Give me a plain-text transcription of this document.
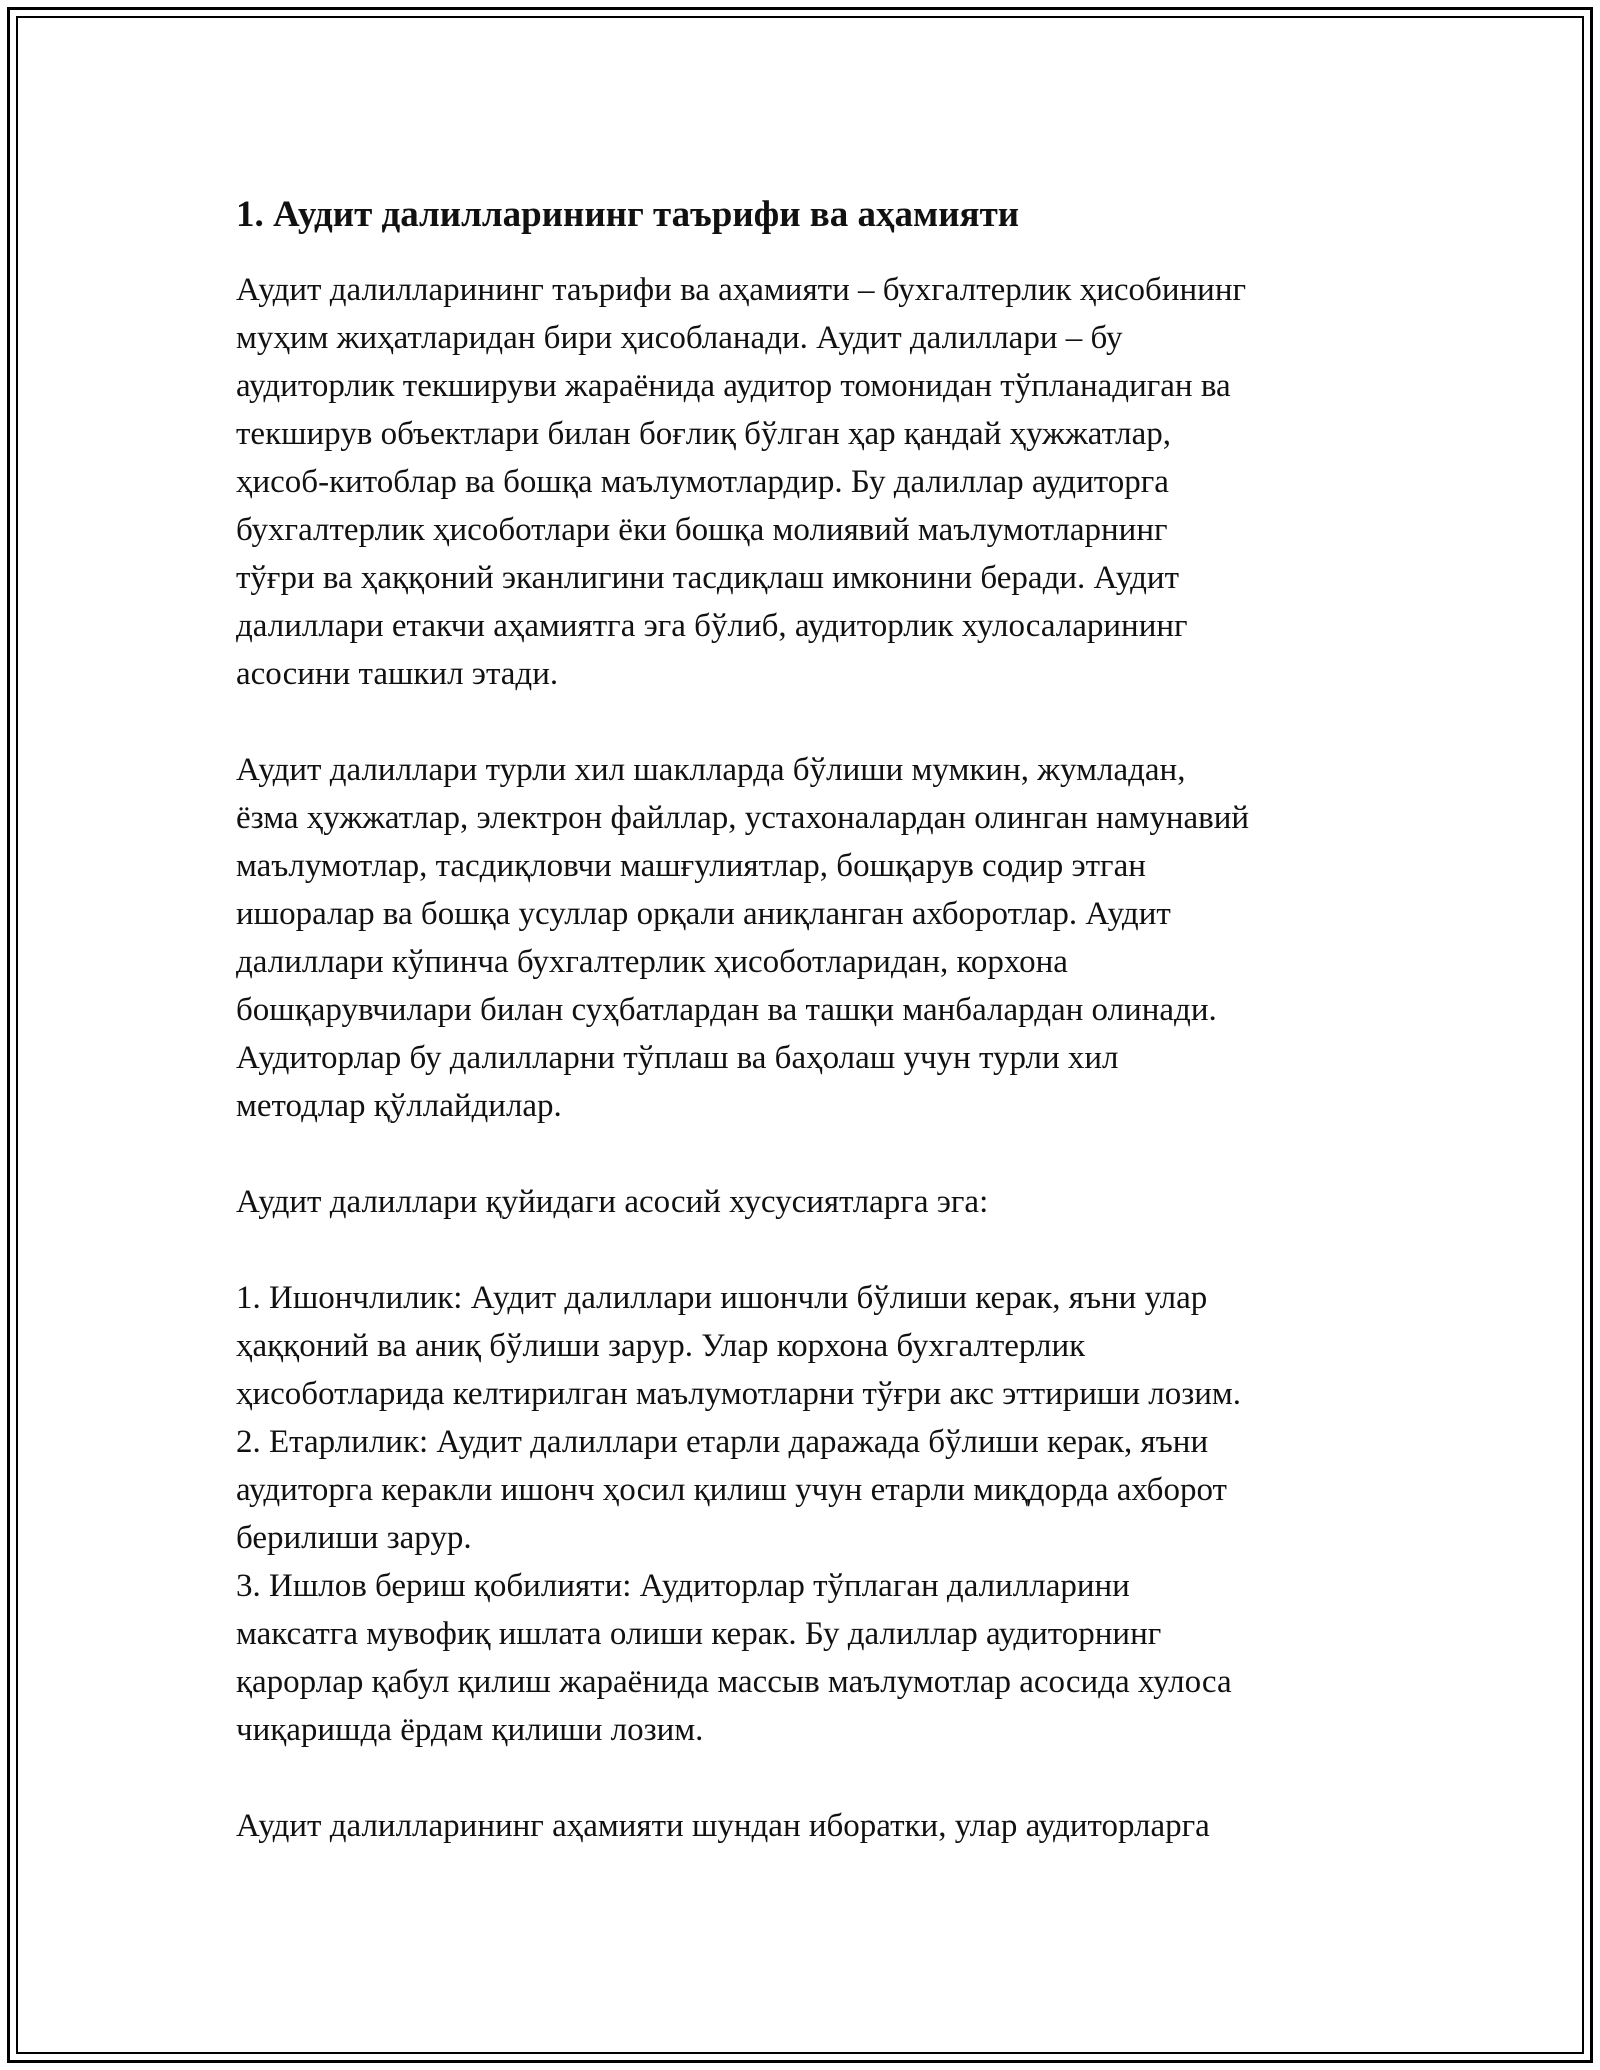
1. Аудит далилларининг таърифи ва аҳамияти

Аудит далилларининг таърифи ва аҳамияти – бухгалтерлик ҳисобининг
муҳим жиҳатларидан бири ҳисобланади. Аудит далиллари – бу
аудиторлик текшируви жараёнида аудитор томонидан тўпланадиган ва
текширув объектлари билан боғлиқ бўлган ҳар қандай ҳужжатлар,
ҳисоб-китоблар ва бошқа маълумотлардир. Бу далиллар аудиторга
бухгалтерлик ҳисоботлари ёки бошқа молиявий маълумотларнинг
тўғри ва ҳаққоний эканлигини тасдиқлаш имконини беради. Аудит
далиллари етакчи аҳамиятга эга бўлиб, аудиторлик хулосаларининг
асосини ташкил этади.

Аудит далиллари турли хил шаклларда бўлиши мумкин, жумладан,
ёзма ҳужжатлар, электрон файллар, устахоналардан олинган намунавий
маълумотлар, тасдиқловчи машғулиятлар, бошқарув содир этган
ишоралар ва бошқа усуллар орқали аниқланган ахборотлар. Аудит
далиллари кўпинча бухгалтерлик ҳисоботларидан, корхона
бошқарувчилари билан суҳбатлардан ва ташқи манбалардан олинади.
Аудиторлар бу далилларни тўплаш ва баҳолаш учун турли хил
методлар қўллайдилар.

Аудит далиллари қуйидаги асосий хусусиятларга эга:

1. Ишончлилик: Аудит далиллари ишончли бўлиши керак, яъни улар
ҳаққоний ва аниқ бўлиши зарур. Улар корхона бухгалтерлик
ҳисоботларида келтирилган маълумотларни тўғри акс эттириши лозим.
2. Етарлилик: Аудит далиллари етарли даражада бўлиши керак, яъни
аудиторга керакли ишонч ҳосил қилиш учун етарли миқдорда ахборот
берилиши зарур.
3. Ишлов бериш қобилияти: Аудиторлар тўплаган далилларини
максатга мувофиқ ишлата олиши керак. Бу далиллар аудиторнинг
қарорлар қабул қилиш жараёнида массыв маълумотлар асосида хулоса
чиқаришда ёрдам қилиши лозим.

Аудит далилларининг аҳамияти шундан иборатки, улар аудиторларга
